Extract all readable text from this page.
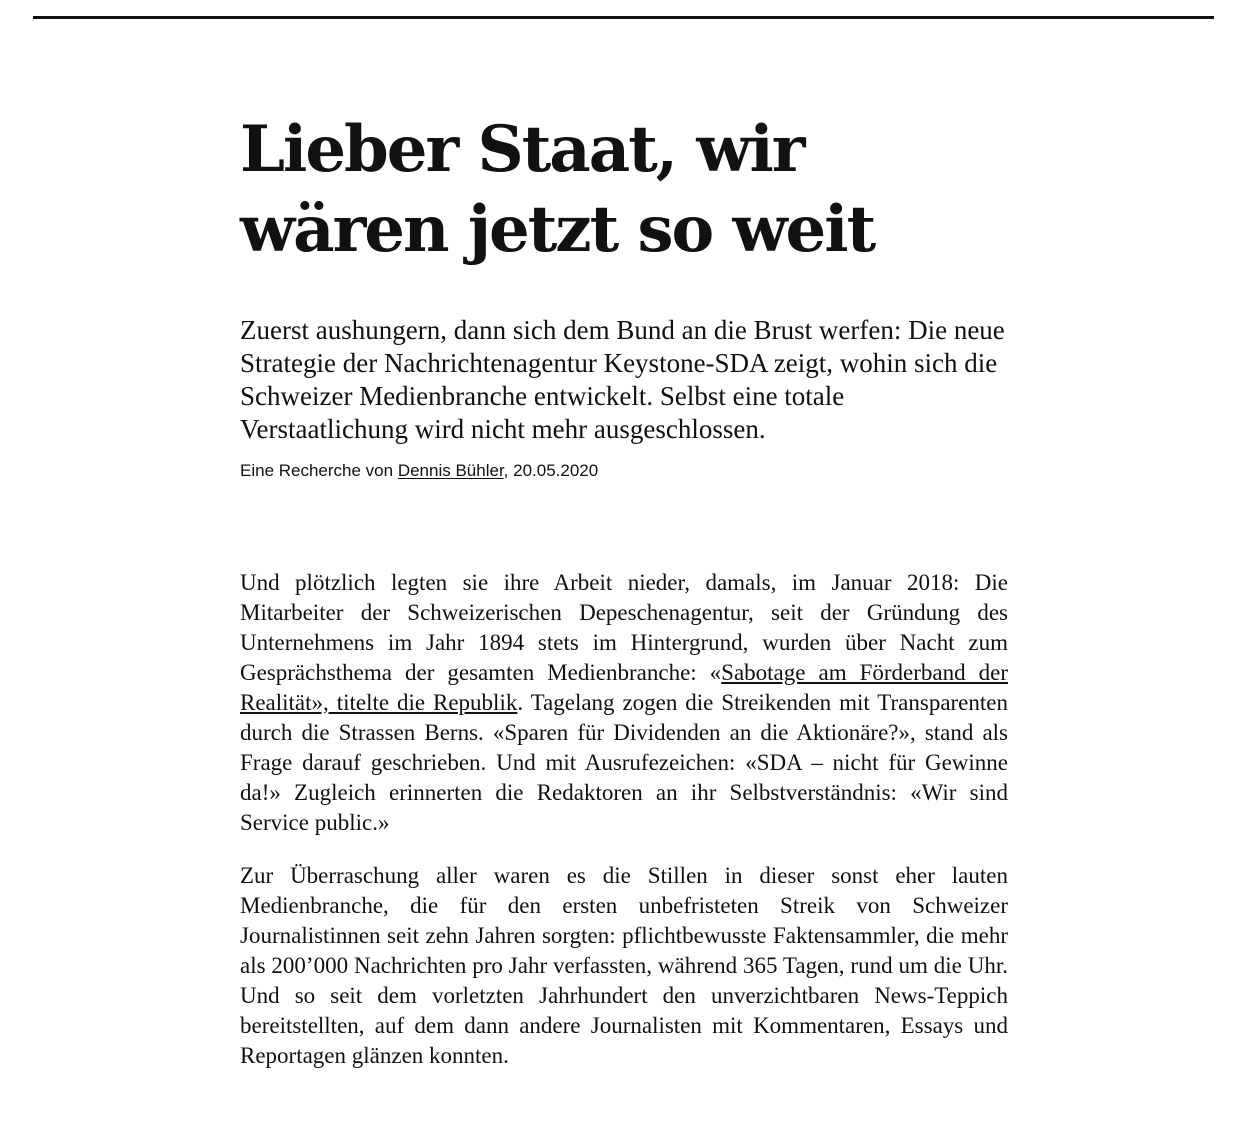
Lieber Staat, wir wären jetzt so weit

Zuerst aushungern, dann sich dem Bund an die Brust werfen: Die neue Strategie der Nachrichtenagentur Keystone-SDA zeigt, wohin sich die Schweizer Medienbranche entwickelt. Selbst eine totale Verstaatlichung wird nicht mehr ausgeschlossen.

Eine Recherche von Dennis Bühler, 20.05.2020

Und plötzlich legten sie ihre Arbeit nieder, damals, im Januar 2018: Die Mitarbeiter der Schweizerischen Depeschenagentur, seit der Gründung des Unternehmens im Jahr 1894 stets im Hintergrund, wurden über Nacht zum Gesprächsthema der gesamten Medienbranche: «Sabotage am Förderband der Realität», titelte die Republik. Tagelang zogen die Streikenden mit Transparenten durch die Strassen Berns. «Sparen für Dividenden an die Aktionäre?», stand als Frage darauf geschrieben. Und mit Ausrufezeichen: «SDA – nicht für Gewinne da!» Zugleich erinnerten die Redaktoren an ihr Selbstverständnis: «Wir sind Service public.»

Zur Überraschung aller waren es die Stillen in dieser sonst eher lauten Medienbranche, die für den ersten unbefristeten Streik von Schweizer Journalistinnen seit zehn Jahren sorgten: pflichtbewusste Faktensammler, die mehr als 200’000 Nachrichten pro Jahr verfassten, während 365 Tagen, rund um die Uhr. Und so seit dem vorletzten Jahrhundert den unverzichtbaren News-Teppich bereitstellten, auf dem dann andere Journalisten mit Kommentaren, Essays und Reportagen glänzen konnten.
